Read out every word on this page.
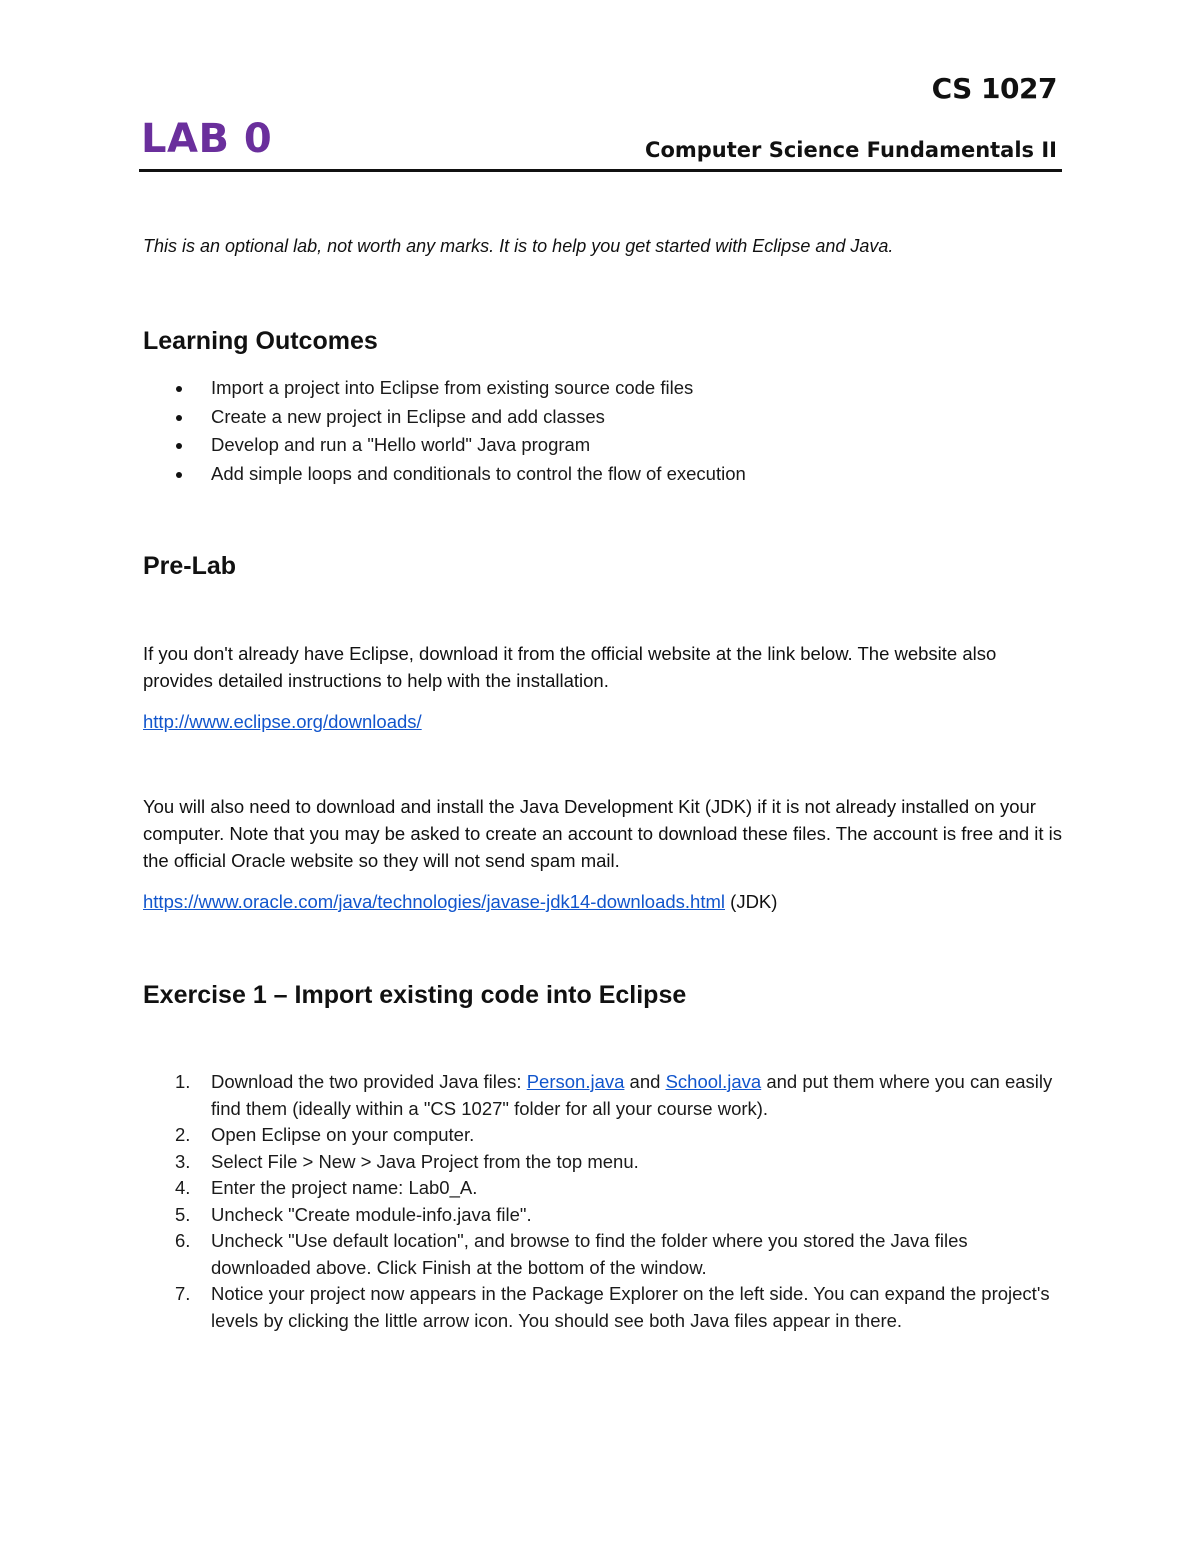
CS 1027
LAB 0	Computer Science Fundamentals II
This is an optional lab, not worth any marks. It is to help you get started with Eclipse and Java.
Learning Outcomes
Import a project into Eclipse from existing source code files
Create a new project in Eclipse and add classes
Develop and run a "Hello world" Java program
Add simple loops and conditionals to control the flow of execution
Pre-Lab

If you don't already have Eclipse, download it from the official website at the link below. The website also provides detailed instructions to help with the installation.

http://www.eclipse.org/downloads/

You will also need to download and install the Java Development Kit (JDK) if it is not already installed on your computer. Note that you may be asked to create an account to download these files. The account is free and it is the official Oracle website so they will not send spam mail.

https://www.oracle.com/java/technologies/javase-jdk14-downloads.html (JDK)

Exercise 1 – Import existing code into Eclipse
1. Download the two provided Java files: Person.java and School.java and put them where you can easily find them (ideally within a "CS 1027" folder for all your course work).
2. Open Eclipse on your computer.
3. Select File > New > Java Project from the top menu.
4. Enter the project name: Lab0_A.
5. Uncheck "Create module-info.java file".
6. Uncheck "Use default location", and browse to find the folder where you stored the Java files downloaded above. Click Finish at the bottom of the window.
7. Notice your project now appears in the Package Explorer on the left side. You can expand the project's levels by clicking the little arrow icon. You should see both Java files appear in there.
